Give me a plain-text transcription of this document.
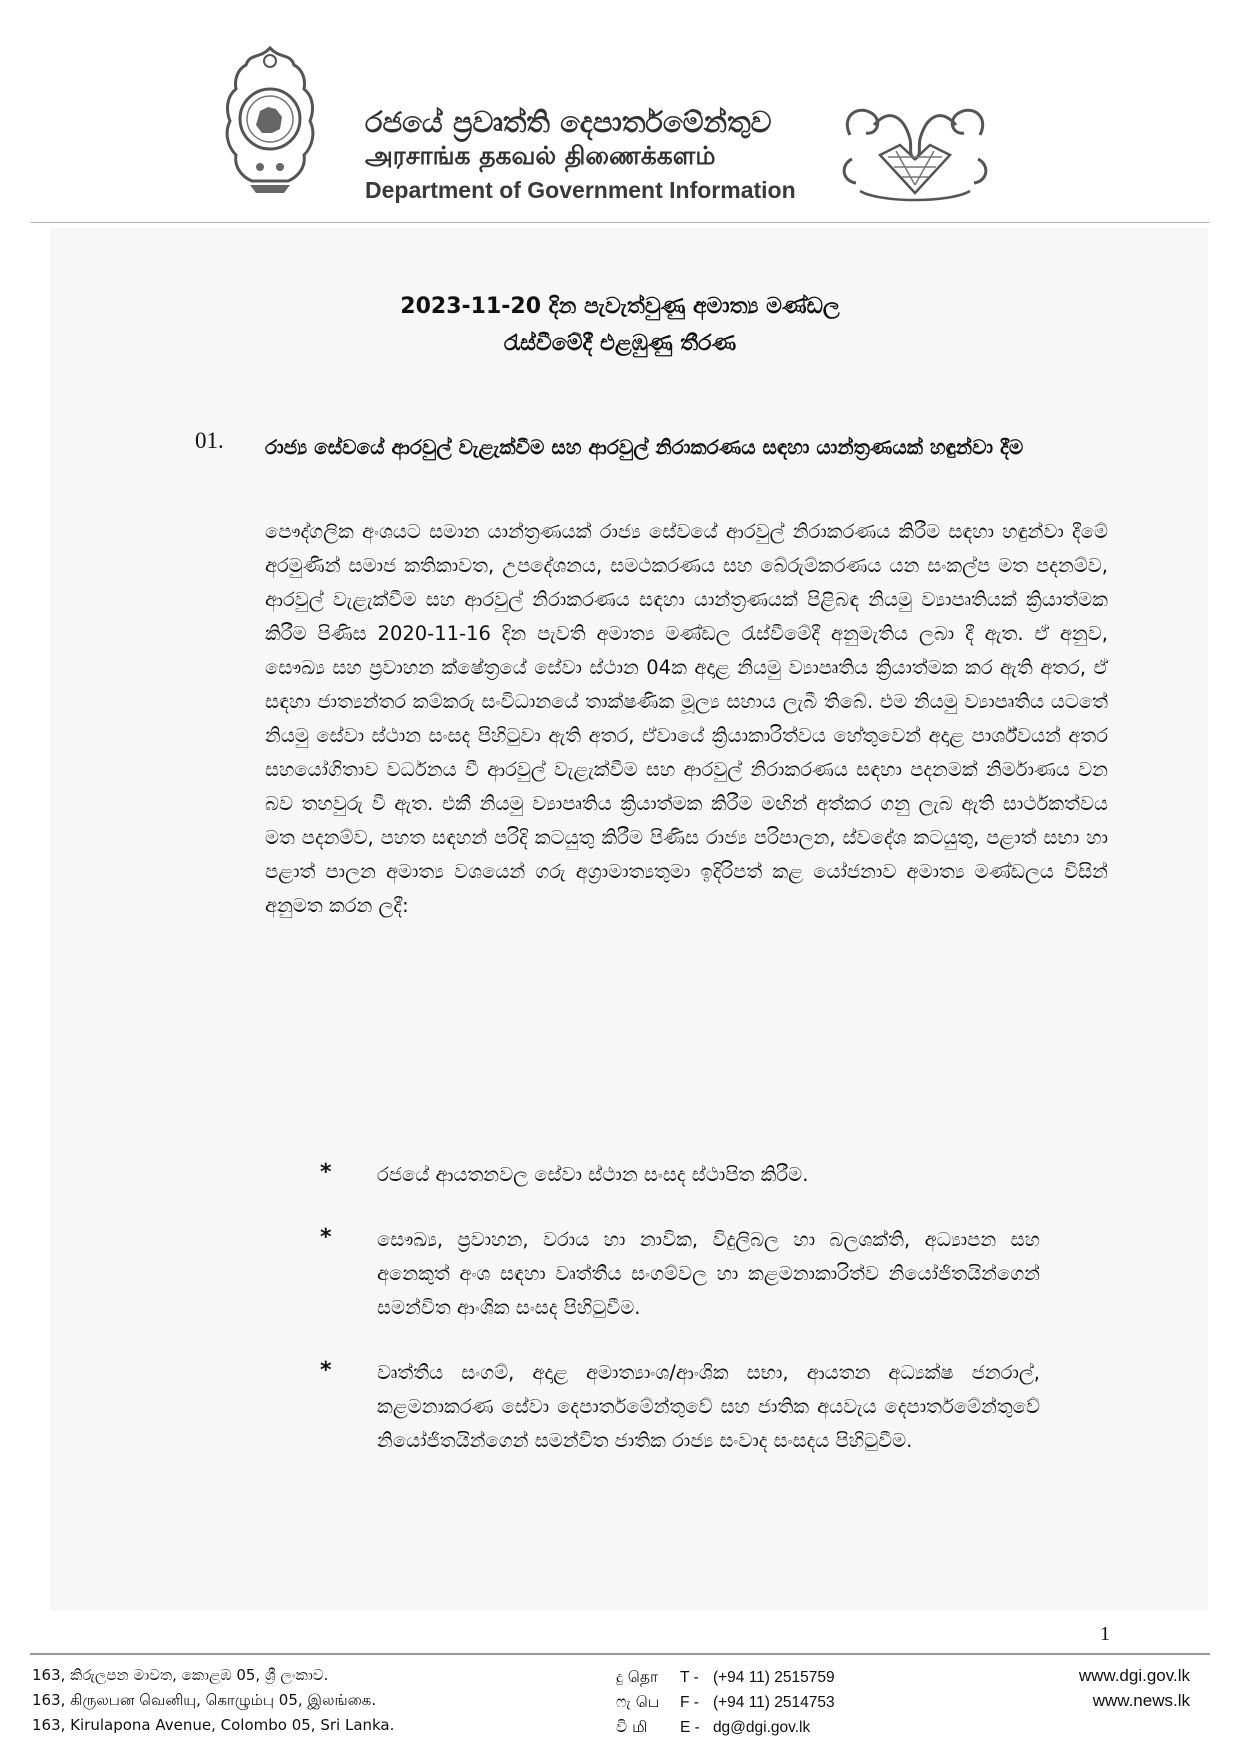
රජයේ ප්‍රවෘත්ති දෙපාර්තමේන්තුව
அரசாங்க தகவல் திணைக்களம்
Department of Government Information
2023-11-20 දින පැවැත්වුණු අමාත්‍ය මණ්ඩල
රැස්වීමේදී එළඹුණු තීරණ
01. රාජ්‍ය සේවයේ ආරවුල් වැළැක්වීම සහ ආරවුල් නිරාකරණය සඳහා යාන්ත්‍රණයක් හඳුන්වා දීම
පෞද්ගලික අංශයට සමාන යාන්ත්‍රණයක් රාජ්‍ය සේවයේ ආරවුල් නිරාකරණය කිරීම සඳහා හඳුන්වා දීමේ අරමුණින් සමාජ කතිකාවත, උපදේශනය, සමථකරණය සහ බේරුම්කරණය යන සංකල්ප මත පදනම්ව, ආරවුල් වැළැක්වීම සහ ආරවුල් නිරාකරණය සඳහා යාන්ත්‍රණයක් පිළිබඳ නියමු ව්‍යාපෘතියක් ක්‍රියාත්මක කිරීම පිණිස 2020-11-16 දින පැවති අමාත්‍ය මණ්ඩල රැස්වීමේදී අනුමැතිය ලබා දී ඇත. ඒ අනුව, සෞඛ්‍ය සහ ප්‍රවාහන ක්ෂේත්‍රයේ සේවා ස්ථාන 04ක අදාළ නියමු ව්‍යාපෘතිය ක්‍රියාත්මක කර ඇති අතර, ඒ සඳහා ජාත්‍යන්තර කම්කරු සංවිධානයේ තාක්ෂණික මූල්‍ය සහාය ලැබී තිබේ. එම නියමු ව්‍යාපෘතිය යටතේ නියමු සේවා ස්ථාන සංසද පිහිටුවා ඇති අතර, ඒවායේ ක්‍රියාකාරිත්වය හේතුවෙන් අදාළ පාර්ශ්වයන් අතර සහයෝගිතාව වර්ධනය වී ආරවුල් වැළැක්වීම සහ ආරවුල් නිරාකරණය සඳහා පදනමක් නිර්මාණය වන බව තහවුරු වී ඇත. එකී නියමු ව්‍යාපෘතිය ක්‍රියාත්මක කිරීම මඟින් අත්කර ගනු ලැබ ඇති සාර්ථකත්වය මත පදනම්ව, පහත සඳහන් පරිදි කටයුතු කිරීම පිණිස රාජ්‍ය පරිපාලන, ස්වදේශ කටයුතු, පළාත් සභා හා පළාත් පාලන අමාත්‍ය වශයෙන් ගරු අග්‍රාමාත්‍යතුමා ඉදිරිපත් කළ යෝජනාව අමාත්‍ය මණ්ඩලය විසින් අනුමත කරන ලදී:
* රජයේ ආයතනවල සේවා ස්ථාන සංසද ස්ථාපිත කිරීම.
* සෞඛ්‍ය, ප්‍රවාහන, වරාය හා නාවික, විදුලිබල හා බලශක්ති, අධ්‍යාපන සහ අනෙකුත් අංශ සඳහා වෘත්තීය සංගම්වල හා කළමනාකාරිත්ව නියෝජිතයින්ගෙන් සමන්විත ආංශික සංසද පිහිටුවීම.
* වෘත්තීය සංගම්, අදාළ අමාත්‍යාංශ/ආංශික සභා, ආයතන අධ්‍යක්ෂ ජනරාල්, කළමනාකරණ සේවා දෙපාර්තමේන්තුවේ සහ ජාතික අයවැය දෙපාර්තමේන්තුවේ නියෝජිතයින්ගෙන් සමන්විත ජාතික රාජ්‍ය සංවාද සංසදය පිහිටුවීම.
1
163, කිරුලපන මාවත, කොළඹ 05, ශ්‍රී ලංකාව.
163, கிருலபன வெனியு, கொழும்பு 05, இலங்கை.
163, Kirulapona Avenue, Colombo 05, Sri Lanka.
දු தொ T - (+94 11) 2515759
ෆැ பெ F - (+94 11) 2514753
වි மி E - dg@dgi.gov.lk
www.dgi.gov.lk
www.news.lk
